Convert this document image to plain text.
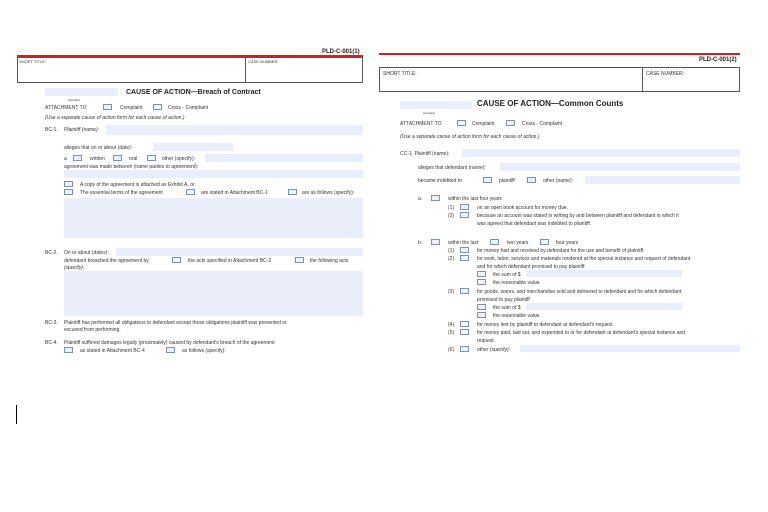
PLD-C-001(1)
SHORT TITLE:	CASE NUMBER:
(number)
CAUSE OF ACTION—Breach of Contract
ATTACHMENT TO	Complaint	Cross - Complaint
(Use a separate cause of action form for each cause of action.)
BC-1. Plaintiff (name):
alleges that on or about (date):
a	written	oral	other (specify):
agreement was made between (name parties to agreement):
A copy of the agreement is attached as Exhibit A, or
The essential terms of the agreement	are stated in Attachment BC-1	are as follows (specify):
BC-2. On or about (dates):
defendant breached the agreement by	the acts specified in Attachment BC-2	the following acts
(specify):
BC-3. Plaintiff has performed all obligations to defendant except those obligations plaintiff was prevented or
excused from performing.
BC-4. Plaintiff suffered damages legally (proximately) caused by defendant's breach of the agreement
as stated in Attachment BC-4	as follows (specify):
PLD-C-001(2)
SHORT TITLE:	CASE NUMBER:
(number)
CAUSE OF ACTION—Common Counts
ATTACHMENT TO	Complaint	Cross - Complaint
(Use a separate cause of action form for each cause of action.)
CC-1. Plaintiff (name):
alleges that defendant (name):
became indebted to	plaintiff	other (name):
a.	within the last four years
(1)	on an open book account for money due.
(2)	because an account was stated in writing by and between plaintiff and defendant in which it
was agreed that defendant was indebted to plaintiff.
b.	within the last	two years	four years
(1)	for money had and received by defendant for the use and benefit of plaintiff.
(2)	for work, labor, services and materials rendered at the special instance and request of defendant
and for which defendant promised to pay plaintiff.
the sum of $
the reasonable value.
(3)	for goods, wares, and merchandise sold and delivered to defendant and for which defendant
promised to pay plaintiff
the sum of $
the reasonable value.
(4)	for money lent by plaintiff to defendant at defendant's request.
(5)	for money paid, laid out, and expended to or for defendant at defendant's special instance and
request.
(6)	other (specify):
